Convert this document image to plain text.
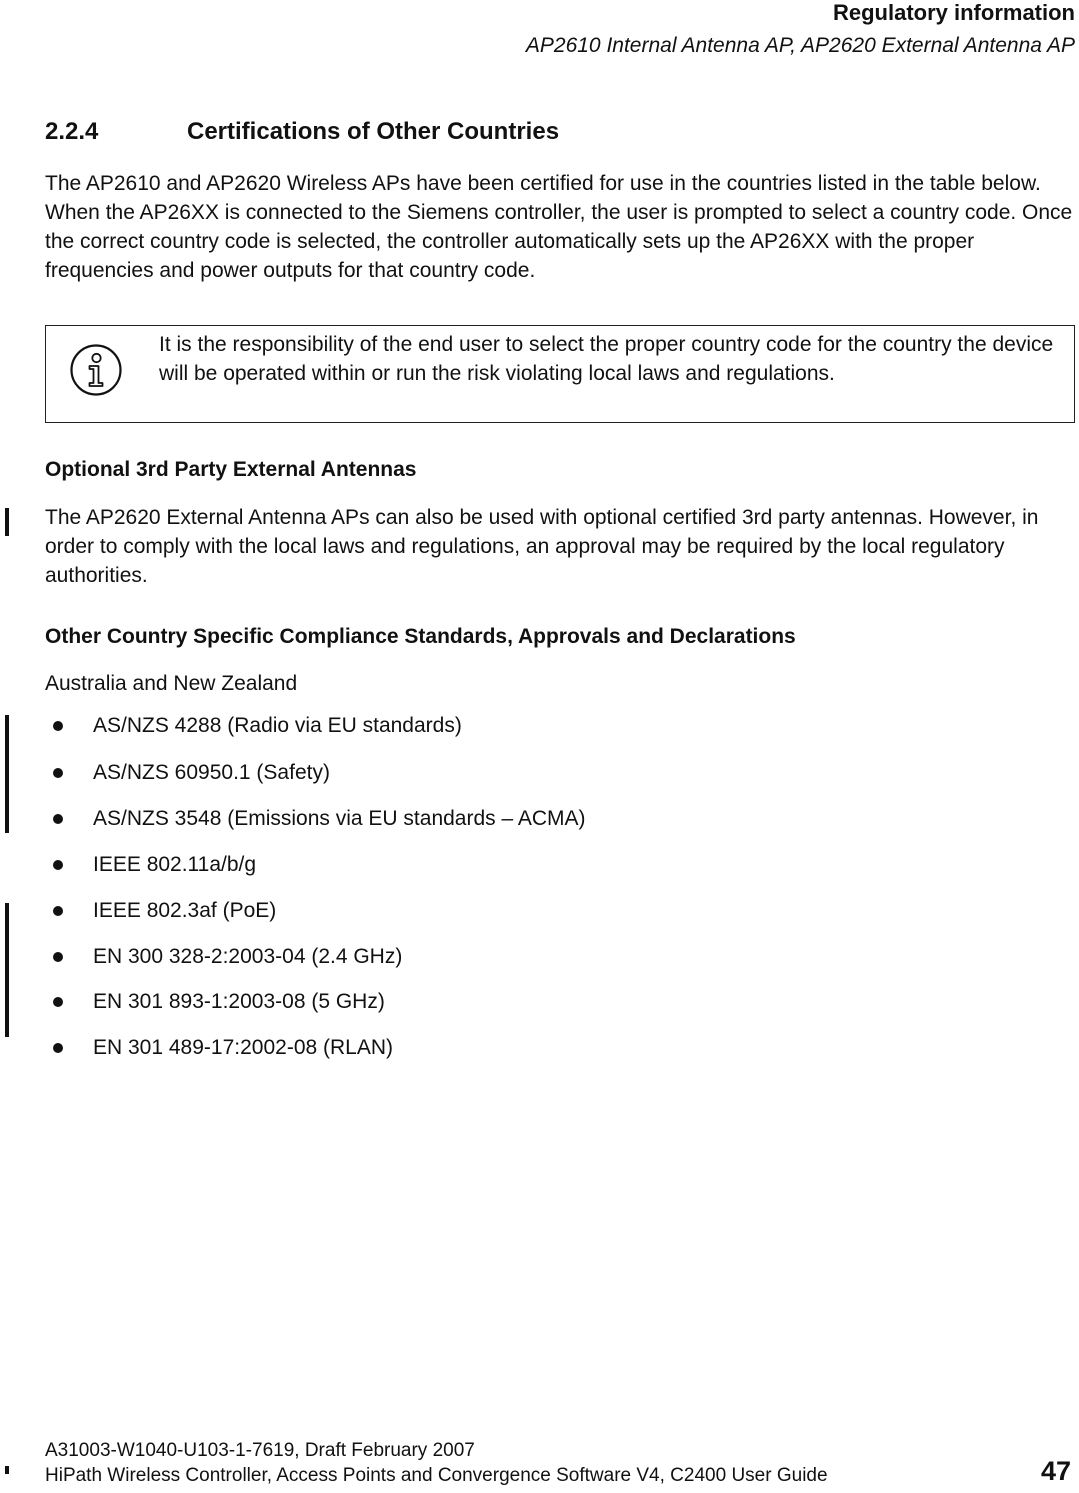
Regulatory information
AP2610 Internal Antenna AP, AP2620 External Antenna AP
2.2.4	Certifications of Other Countries
The AP2610 and AP2620 Wireless APs have been certified for use in the countries listed in the table below. When the AP26XX is connected to the Siemens controller, the user is prompted to select a country code. Once the correct country code is selected, the controller automatically sets up the AP26XX with the proper frequencies and power outputs for that country code.
It is the responsibility of the end user to select the proper country code for the country the device will be operated within or run the risk violating local laws and regulations.
Optional 3rd Party External Antennas
The AP2620 External Antenna APs can also be used with optional certified 3rd party antennas. However, in order to comply with the local laws and regulations, an approval may be required by the local regulatory authorities.
Other Country Specific Compliance Standards, Approvals and Declarations
Australia and New Zealand
AS/NZS 4288 (Radio via EU standards)
AS/NZS 60950.1 (Safety)
AS/NZS 3548 (Emissions via EU standards – ACMA)
IEEE 802.11a/b/g
IEEE 802.3af (PoE)
EN 300 328-2:2003-04 (2.4 GHz)
EN 301 893-1:2003-08 (5 GHz)
EN 301 489-17:2002-08 (RLAN)
A31003-W1040-U103-1-7619, Draft February 2007
HiPath Wireless Controller, Access Points and Convergence Software V4, C2400 User Guide	47
